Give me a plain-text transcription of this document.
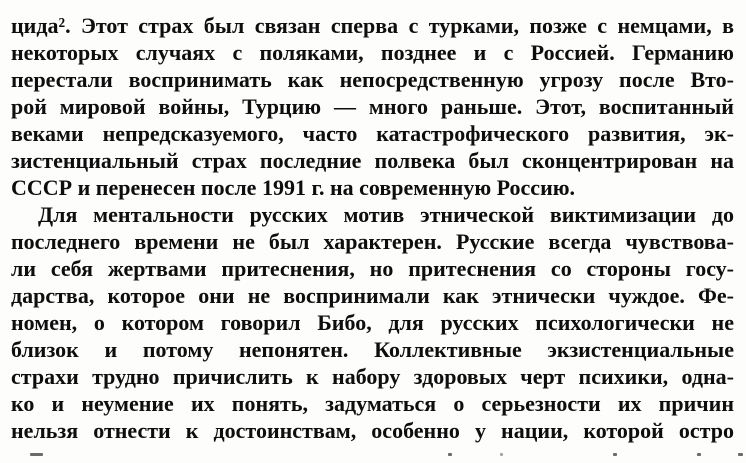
цида². Этот страх был связан сперва с турками, позже с немцами, в
некоторых случаях с поляками, позднее и с Россией. Германию
перестали воспринимать как непосредственную угрозу после Вто-
рой мировой войны, Турцию — много раньше. Этот, воспитанный
веками непредсказуемого, часто катастрофического развития, эк-
зистенциальный страх последние полвека был сконцентрирован на
СССР и перенесен после 1991 г. на современную Россию.
Для ментальности русских мотив этнической виктимизации до
последнего времени не был характерен. Русские всегда чувствова-
ли себя жертвами притеснения, но притеснения со стороны госу-
дарства, которое они не воспринимали как этнически чуждое. Фе-
номен, о котором говорил Бибо, для русских психологически не
близок и потому непонятен. Коллективные экзистенциальные
страхи трудно причислить к набору здоровых черт психики, одна-
ко и неумение их понять, задуматься о серьезности их причин
нельзя отнести к достоинствам, особенно у нации, которой остро
